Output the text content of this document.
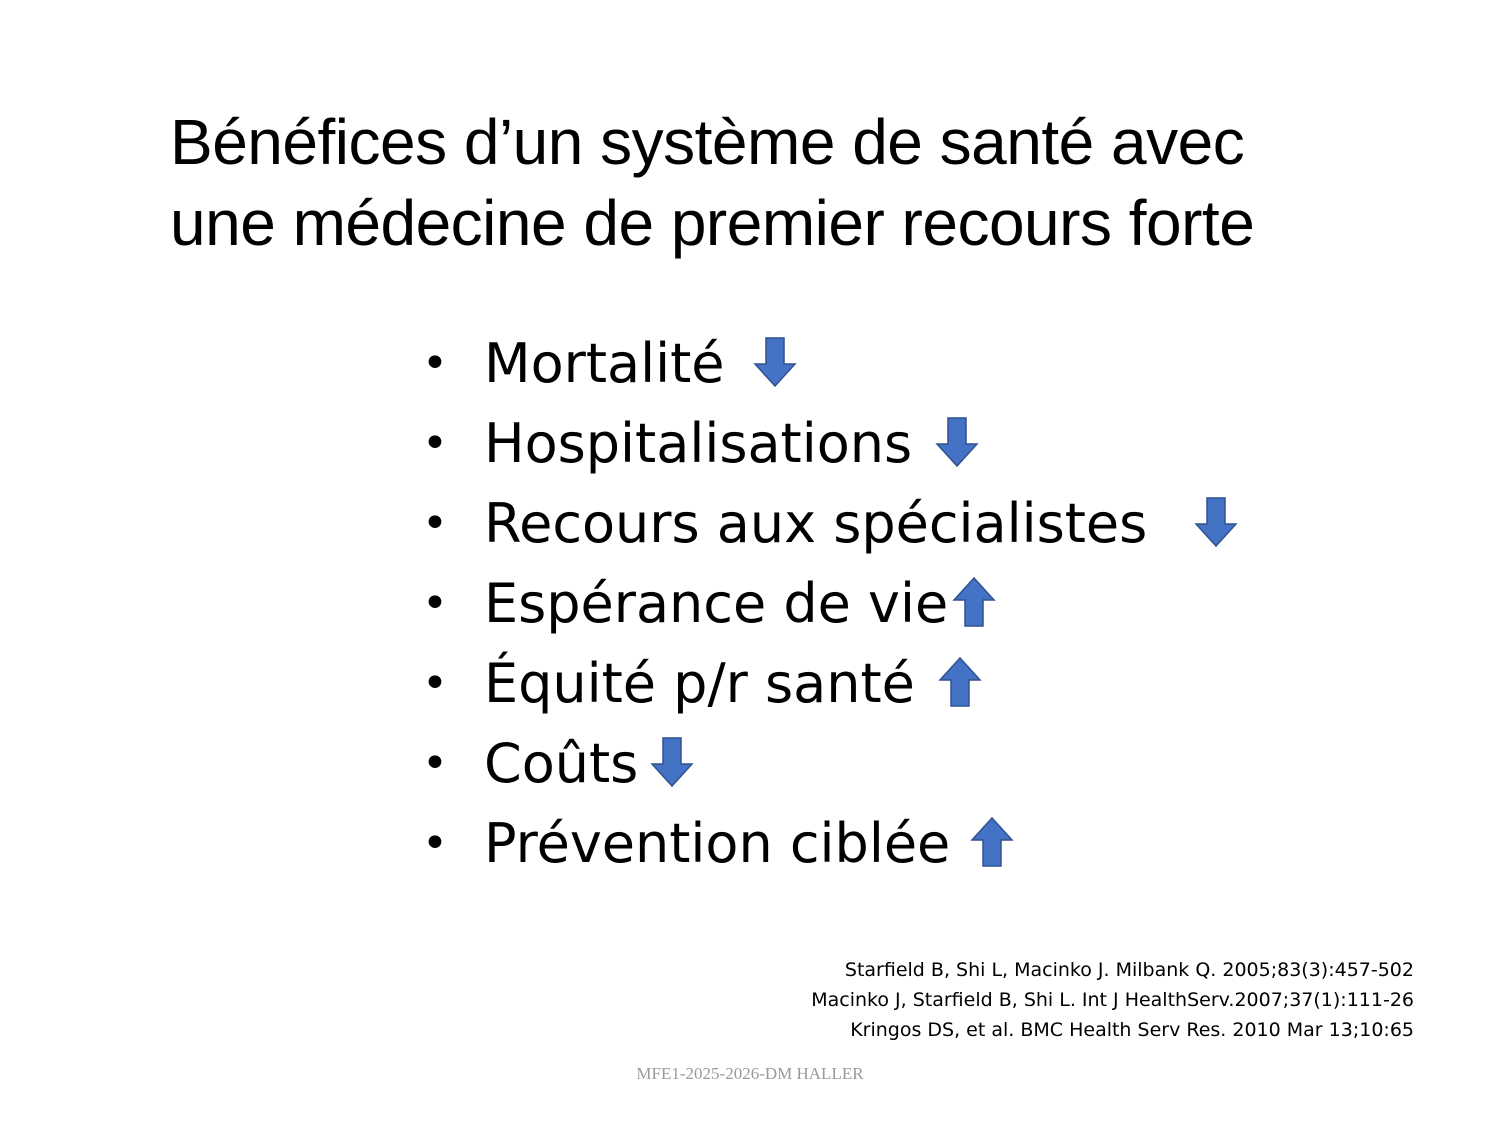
Bénéfices d’un système de santé avec
une médecine de premier recours forte
• Mortalité
• Hospitalisations
• Recours aux spécialistes
• Espérance de vie
• Équité p/r santé
• Coûts
• Prévention ciblée
Starfield B, Shi L, Macinko J. Milbank Q. 2005;83(3):457-502
Macinko J, Starfield B, Shi L. Int J HealthServ.2007;37(1):111-26
Kringos DS, et al. BMC Health Serv Res. 2010 Mar 13;10:65
MFE1-2025-2026-DM HALLER
